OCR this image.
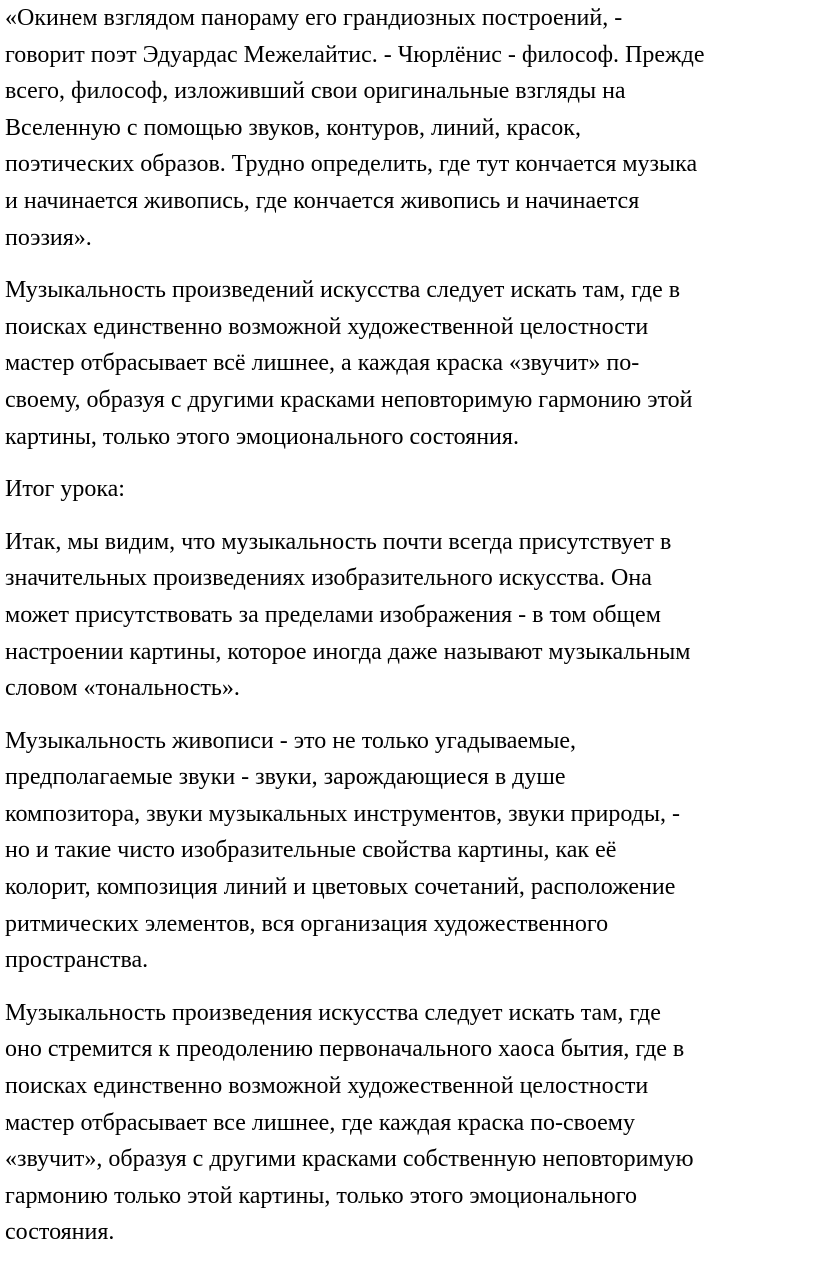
«Окинем взглядом панораму его грандиозных построений, -
говорит поэт Эдуардас Межелайтис. - Чюрлёнис - философ. Прежде
всего, философ, изложивший свои оригинальные взгляды на
Вселенную с помощью звуков, контуров, линий, красок,
поэтических образов. Трудно определить, где тут кончается музыка
и начинается живопись, где кончается живопись и начинается
поэзия».
Музыкальность произведений искусства следует искать там, где в
поисках единственно возможной художественной целостности
мастер отбрасывает всё лишнее, а каждая краска «звучит» по-
своему, образуя с другими красками неповторимую гармонию этой
картины, только этого эмоционального состояния.
Итог урока:
Итак, мы видим, что музыкальность почти всегда присутствует в
значительных произведениях изобразительного искусства. Она
может присутствовать за пределами изображения - в том общем
настроении картины, которое иногда даже называют музыкальным
словом «тональность».
Музыкальность живописи - это не только угадываемые,
предполагаемые звуки - звуки, зарождающиеся в душе
композитора, звуки музыкальных инструментов, звуки природы, -
но и такие чисто изобразительные свойства картины, как её
колорит, композиция линий и цветовых сочетаний, расположение
ритмических элементов, вся организация художественного
пространства.
Музыкальность произведения искусства следует искать там, где
оно стремится к преодолению первоначального хаоса бытия, где в
поисках единственно возможной художественной целостности
мастер отбрасывает все лишнее, где каждая краска по-своему
«звучит», образуя с другими красками собственную неповторимую
гармонию только этой картины, только этого эмоционального
состояния.
